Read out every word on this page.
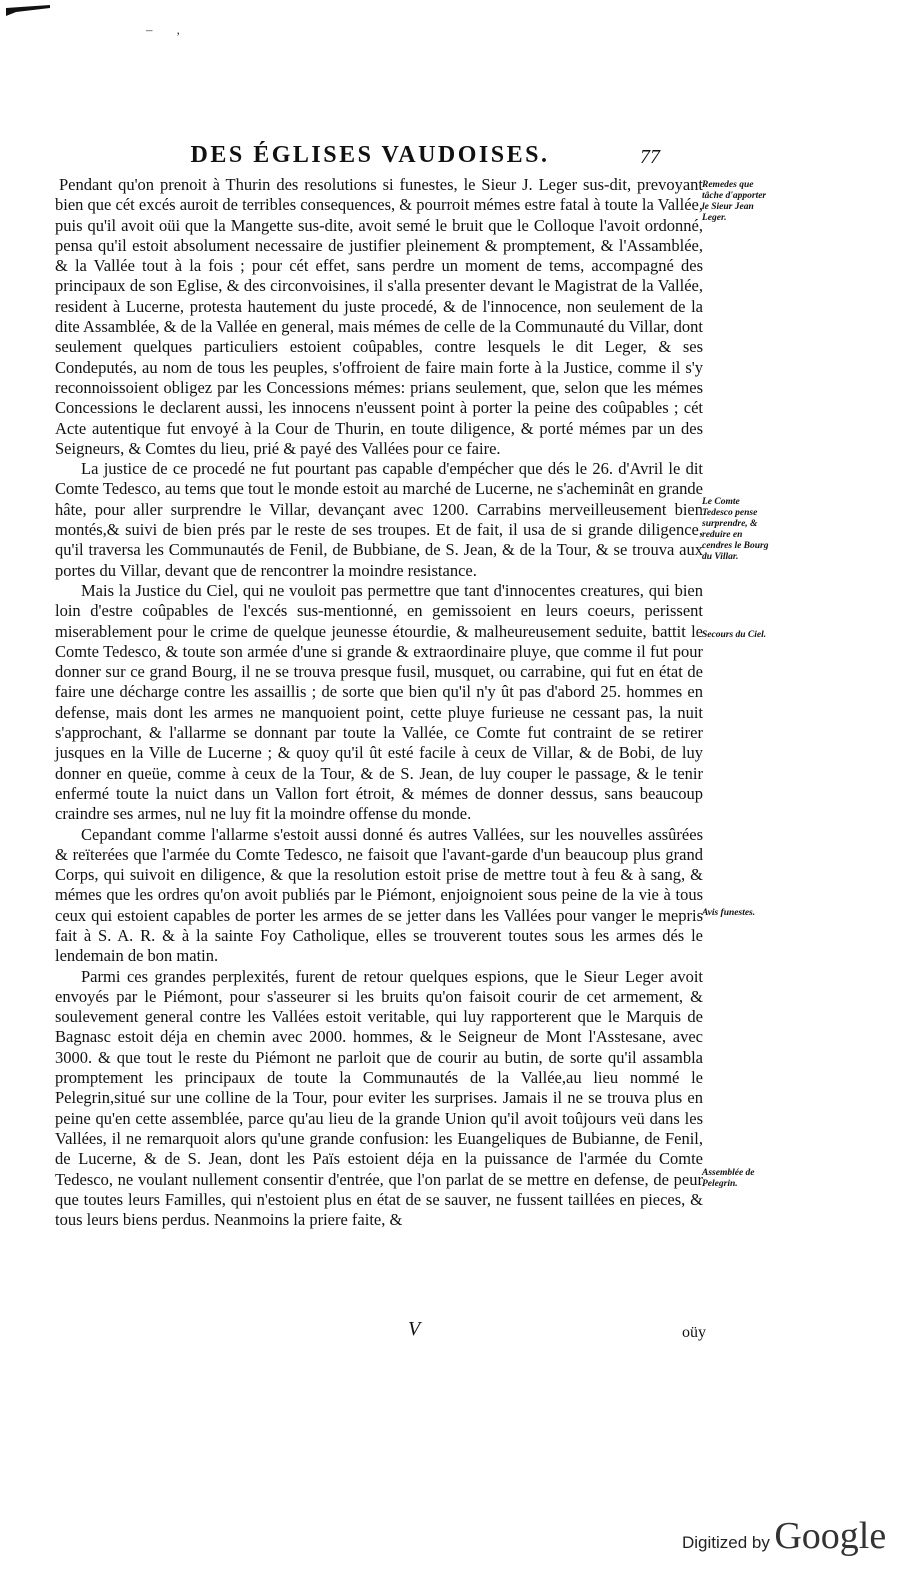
– ‚
DES ÉGLISES VAUDOISES.	77

Pendant qu'on prenoit à Thurin des resolutions si funestes, le Sieur J. Leger sus-dit, prevoyant bien que cét excés auroit de terribles consequences, & pourroit mémes estre fatal à toute la Vallée, puis qu'il avoit oüi que la Mangette sus-dite, avoit semé le bruit que le Colloque l'avoit ordonné, pensa qu'il estoit absolument necessaire de justifier pleinement & promptement, & l'Assamblée, & la Vallée tout à la fois ; pour cét effet, sans perdre un moment de tems, accompagné des principaux de son Eglise, & des circonvoisines, il s'alla presenter devant le Magistrat de la Vallée, resident à Lucerne, protesta hautement du juste procedé, & de l'innocence, non seulement de la dite Assamblée, & de la Vallée en general, mais mémes de celle de la Communauté du Villar, dont seulement quelques particuliers estoient coûpables, contre lesquels le dit Leger, & ses Condeputés, au nom de tous les peuples, s'offroient de faire main forte à la Justice, comme il s'y reconnoissoient obligez par les Concessions mémes: prians seulement, que, selon que les mémes Concessions le declarent aussi, les innocens n'eussent point à porter la peine des coûpables ; cét Acte autentique fut envoyé à la Cour de Thurin, en toute diligence, & porté mémes par un des Seigneurs, & Comtes du lieu, prié & payé des Vallées pour ce faire.

La justice de ce procedé ne fut pourtant pas capable d'empécher que dés le 26. d'Avril le dit Comte Tedesco, au tems que tout le monde estoit au marché de Lucerne, ne s'acheminât en grande hâte, pour aller surprendre le Villar, devançant avec 1200. Carrabins merveilleusement bien montés,& suivi de bien prés par le reste de ses troupes. Et de fait, il usa de si grande diligence, qu'il traversa les Communautés de Fenil, de Bubbiane, de S. Jean, & de la Tour, & se trouva aux portes du Villar, devant que de rencontrer la moindre resistance.

Mais la Justice du Ciel, qui ne vouloit pas permettre que tant d'innocentes creatures, qui bien loin d'estre coûpables de l'excés sus-mentionné, en gemissoient en leurs coeurs, perissent miserablement pour le crime de quelque jeunesse étourdie, & malheureusement seduite, battit le Comte Tedesco, & toute son armée d'une si grande & extraordinaire pluye, que comme il fut pour donner sur ce grand Bourg, il ne se trouva presque fusil, musquet, ou carrabine, qui fut en état de faire une décharge contre les assaillis ; de sorte que bien qu'il n'y ût pas d'abord 25. hommes en defense, mais dont les armes ne manquoient point, cette pluye furieuse ne cessant pas, la nuit s'approchant, & l'allarme se donnant par toute la Vallée, ce Comte fut contraint de se retirer jusques en la Ville de Lucerne ; & quoy qu'il ût esté facile à ceux de Villar, & de Bobi, de luy donner en queüe, comme à ceux de la Tour, & de S. Jean, de luy couper le passage, & le tenir enfermé toute la nuict dans un Vallon fort étroit, & mémes de donner dessus, sans beaucoup craindre ses armes, nul ne luy fit la moindre offense du monde.

Cepandant comme l'allarme s'estoit aussi donné és autres Vallées, sur les nouvelles assûrées & reïterées que l'armée du Comte Tedesco, ne faisoit que l'avant-garde d'un beaucoup plus grand Corps, qui suivoit en diligence, & que la resolution estoit prise de mettre tout à feu & à sang, & mémes que les ordres qu'on avoit publiés par le Piémont, enjoignoient sous peine de la vie à tous ceux qui estoient capables de porter les armes de se jetter dans les Vallées pour vanger le mepris fait à S. A. R. & à la sainte Foy Catholique, elles se trouverent toutes sous les armes dés le lendemain de bon matin.

Parmi ces grandes perplexités, furent de retour quelques espions, que le Sieur Leger avoit envoyés par le Piémont, pour s'asseurer si les bruits qu'on faisoit courir de cet armement, & soulevement general contre les Vallées estoit veritable, qui luy rapporterent que le Marquis de Bagnasc estoit déja en chemin avec 2000. hommes, & le Seigneur de Mont l'Asstesane, avec 3000. & que tout le reste du Piémont ne parloit que de courir au butin, de sorte qu'il assambla promptement les principaux de toute la Communautés de la Vallée,au lieu nommé le Pelegrin,situé sur une colline de la Tour, pour eviter les surprises. Jamais il ne se trouva plus en peine qu'en cette assemblée, parce qu'au lieu de la grande Union qu'il avoit toûjours veü dans les Vallées, il ne remarquoit alors qu'une grande confusion: les Euangeliques de Bubianne, de Fenil, de Lucerne, & de S. Jean, dont les Païs estoient déja en la puissance de l'armée du Comte Tedesco, ne voulant nullement consentir d'entrée, que l'on parlat de se mettre en defense, de peur que toutes leurs Familles, qui n'estoient plus en état de se sauver, ne fussent taillées en pieces, & tous leurs biens perdus. Neanmoins la priere faite, &

Remedes que tâche d'apporter le Sieur Jean Leger.
Le Comte Tedesco pense surprendre, & reduire en cendres le Bourg du Villar.
Secours du Ciel.
Avis funestes.
Assemblée de Pelegrin.
V	oüy
Digitized by Google
